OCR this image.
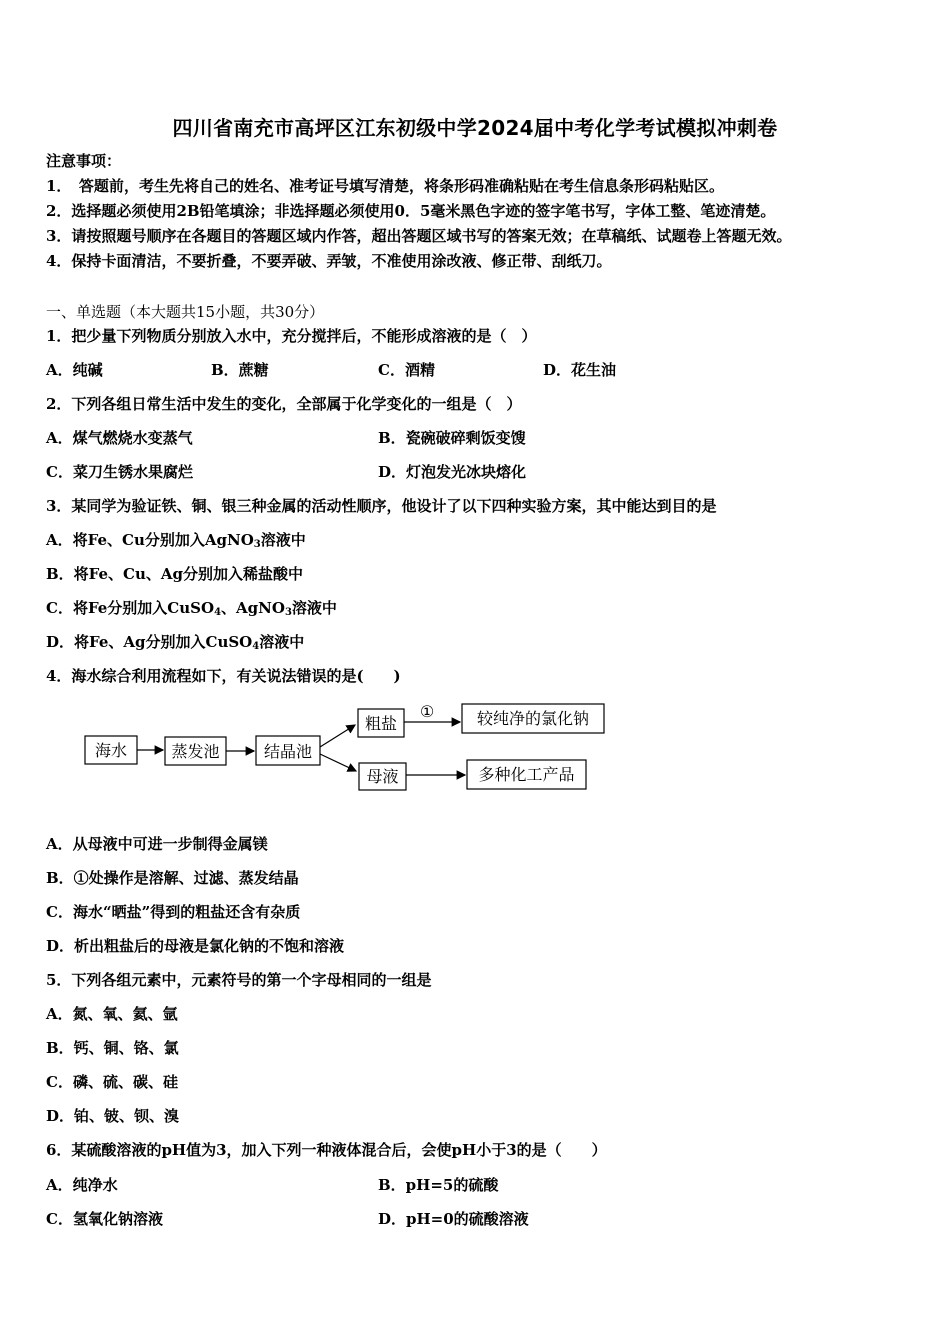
四川省南充市高坪区江东初级中学2024届中考化学考试模拟冲刺卷
注意事项：
1．　答题前，考生先将自己的姓名、准考证号填写清楚，将条形码准确粘贴在考生信息条形码粘贴区。
2．选择题必须使用2B铅笔填涂；非选择题必须使用0．5毫米黑色字迹的签字笔书写，字体工整、笔迹清楚。
3．请按照题号顺序在各题目的答题区域内作答，超出答题区域书写的答案无效；在草稿纸、试题卷上答题无效。
4．保持卡面清洁，不要折叠，不要弄破、弄皱，不准使用涂改液、修正带、刮纸刀。
一、单选题（本大题共15小题，共30分）
1．把少量下列物质分别放入水中，充分搅拌后，不能形成溶液的是（　）
A．纯碱	B．蔗糖	C．酒精	D．花生油
2．下列各组日常生活中发生的变化，全部属于化学变化的一组是（　）
A．煤气燃烧水变蒸气	B．瓷碗破碎剩饭变馊
C．菜刀生锈水果腐烂	D．灯泡发光冰块熔化
3．某同学为验证铁、铜、银三种金属的活动性顺序，他设计了以下四种实验方案，其中能达到目的是
A．将Fe、Cu分别加入AgNO$_3$溶液中
B．将Fe、Cu、Ag分别加入稀盐酸中
C．将Fe分别加入CuSO$_4$、AgNO$_3$溶液中
D．将Fe、Ag分别加入CuSO$_4$溶液中
4．海水综合利用流程如下，有关说法错误的是(　　)
海水	蒸发池	结晶池
粗盐
母液
①	较纯净的氯化钠
多种化工产品
A．从母液中可进一步制得金属镁
B．①处操作是溶解、过滤、蒸发结晶
C．海水“晒盐”得到的粗盐还含有杂质
D．析出粗盐后的母液是氯化钠的不饱和溶液
5．下列各组元素中，元素符号的第一个字母相同的一组是
A．氮、氧、氦、氩
B．钙、铜、铬、氯
C．磷、硫、碳、硅
D．铂、铍、钡、溴
6．某硫酸溶液的pH值为3，加入下列一种液体混合后，会使pH小于3的是（　　）
A．纯净水	B．pH=5的硫酸
C．氢氧化钠溶液	D．pH=0的硫酸溶液
